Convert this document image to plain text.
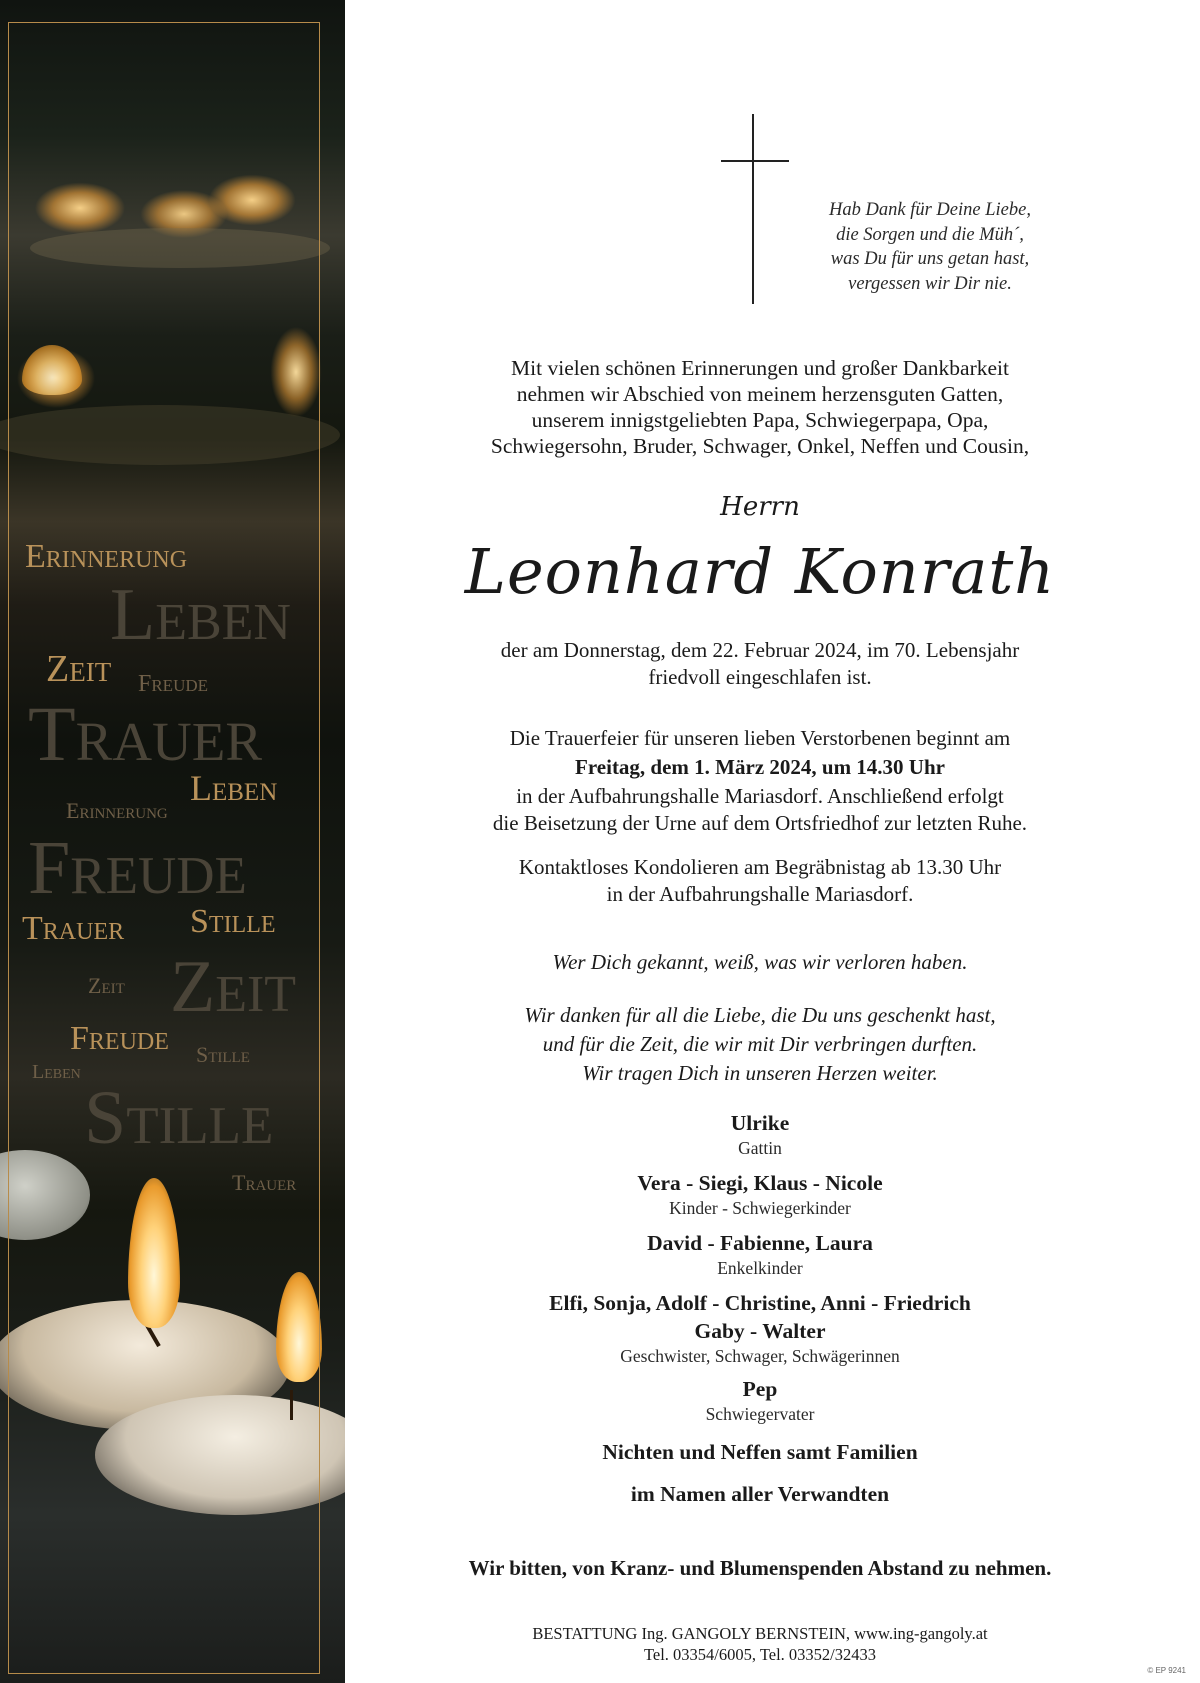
Erinnerung
Leben
Zeit Freude
Trauer
Leben
Erinnerung
Freude
Trauer Stille
Zeit Zeit
Freude Stille
Leben
Stille
Trauer
Hab Dank für Deine Liebe,
die Sorgen und die Müh´,
was Du für uns getan hast,
vergessen wir Dir nie.
Mit vielen schönen Erinnerungen und großer Dankbarkeit
nehmen wir Abschied von meinem herzensguten Gatten,
unserem innigstgeliebten Papa, Schwiegerpapa, Opa,
Schwiegersohn, Bruder, Schwager, Onkel, Neffen und Cousin,
Herrn
Leonhard Konrath
der am Donnerstag, dem 22. Februar 2024, im 70. Lebensjahr
friedvoll eingeschlafen ist.
Die Trauerfeier für unseren lieben Verstorbenen beginnt am
Freitag, dem 1. März 2024, um 14.30 Uhr
in der Aufbahrungshalle Mariasdorf. Anschließend erfolgt
die Beisetzung der Urne auf dem Ortsfriedhof zur letzten Ruhe.
Kontaktloses Kondolieren am Begräbnistag ab 13.30 Uhr
in der Aufbahrungshalle Mariasdorf.
Wer Dich gekannt, weiß, was wir verloren haben.
Wir danken für all die Liebe, die Du uns geschenkt hast,
und für die Zeit, die wir mit Dir verbringen durften.
Wir tragen Dich in unseren Herzen weiter.
Ulrike
Gattin
Vera - Siegi, Klaus - Nicole
Kinder - Schwiegerkinder
David - Fabienne, Laura
Enkelkinder
Elfi, Sonja, Adolf - Christine, Anni - Friedrich
Gaby - Walter
Geschwister, Schwager, Schwägerinnen
Pep
Schwiegervater
Nichten und Neffen samt Familien
im Namen aller Verwandten
Wir bitten, von Kranz- und Blumenspenden Abstand zu nehmen.
BESTATTUNG Ing. GANGOLY BERNSTEIN, www.ing-gangoly.at
Tel. 03354/6005, Tel. 03352/32433
© EP 9241
